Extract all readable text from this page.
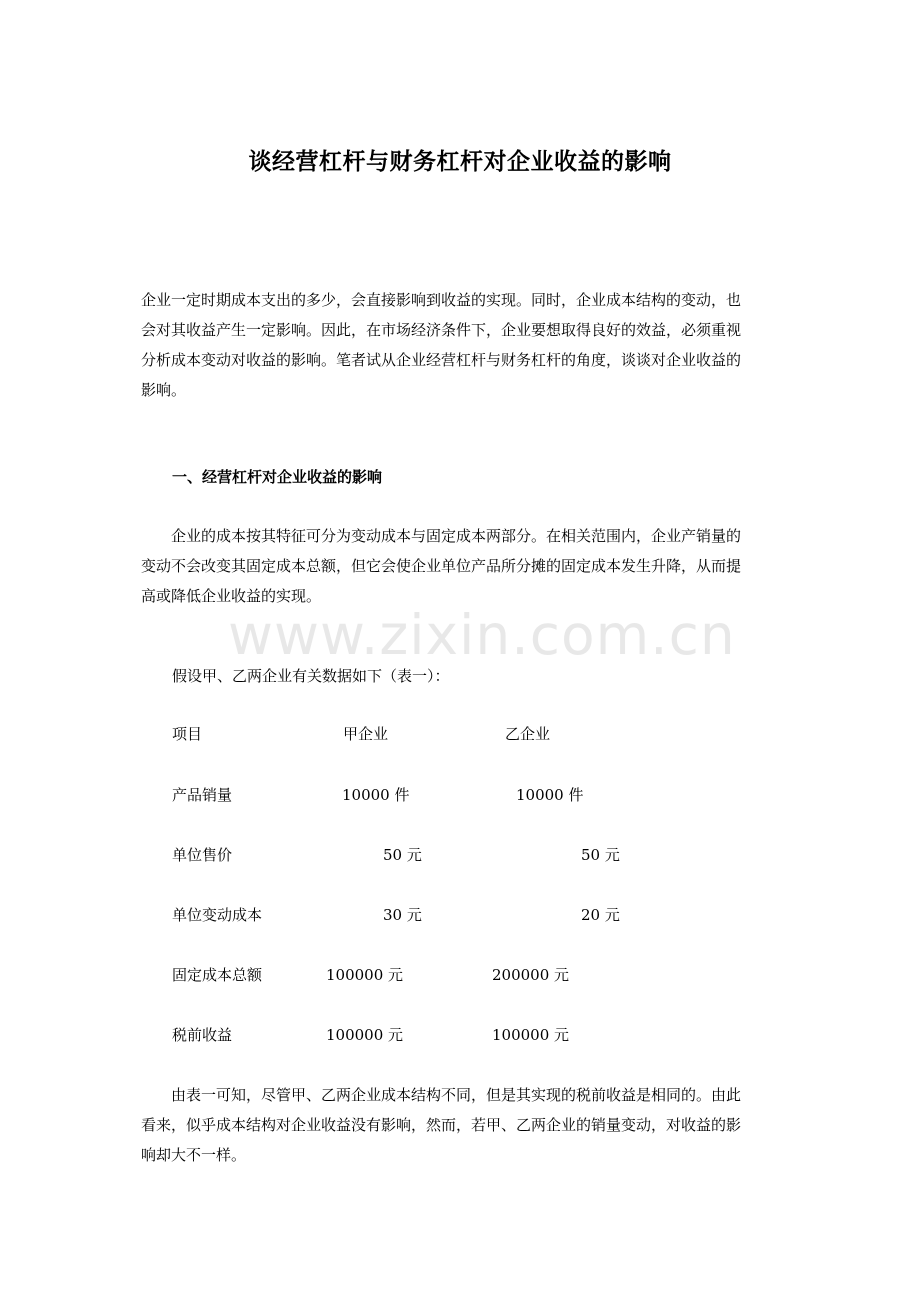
谈经营杠杆与财务杠杆对企业收益的影响

企业一定时期成本支出的多少，会直接影响到收益的实现。同时，企业成本结构的变动，也
会对其收益产生一定影响。因此，在市场经济条件下，企业要想取得良好的效益，必须重视
分析成本变动对收益的影响。笔者试从企业经营杠杆与财务杠杆的角度，谈谈对企业收益的
影响。

一、经营杠杆对企业收益的影响

企业的成本按其特征可分为变动成本与固定成本两部分。在相关范围内，企业产销量的
变动不会改变其固定成本总额，但它会使企业单位产品所分摊的固定成本发生升降，从而提
高或降低企业收益的实现。

假设甲、乙两企业有关数据如下（表一）：

项目	甲企业	乙企业
产品销量	10000 件	10000 件
单位售价	50 元	50 元
单位变动成本	30 元	20 元
固定成本总额	100000 元	200000 元
税前收益	100000 元	100000 元

由表一可知，尽管甲、乙两企业成本结构不同，但是其实现的税前收益是相同的。由此
看来，似乎成本结构对企业收益没有影响，然而，若甲、乙两企业的销量变动，对收益的影
响却大不一样。

www.zixin.com.cn
